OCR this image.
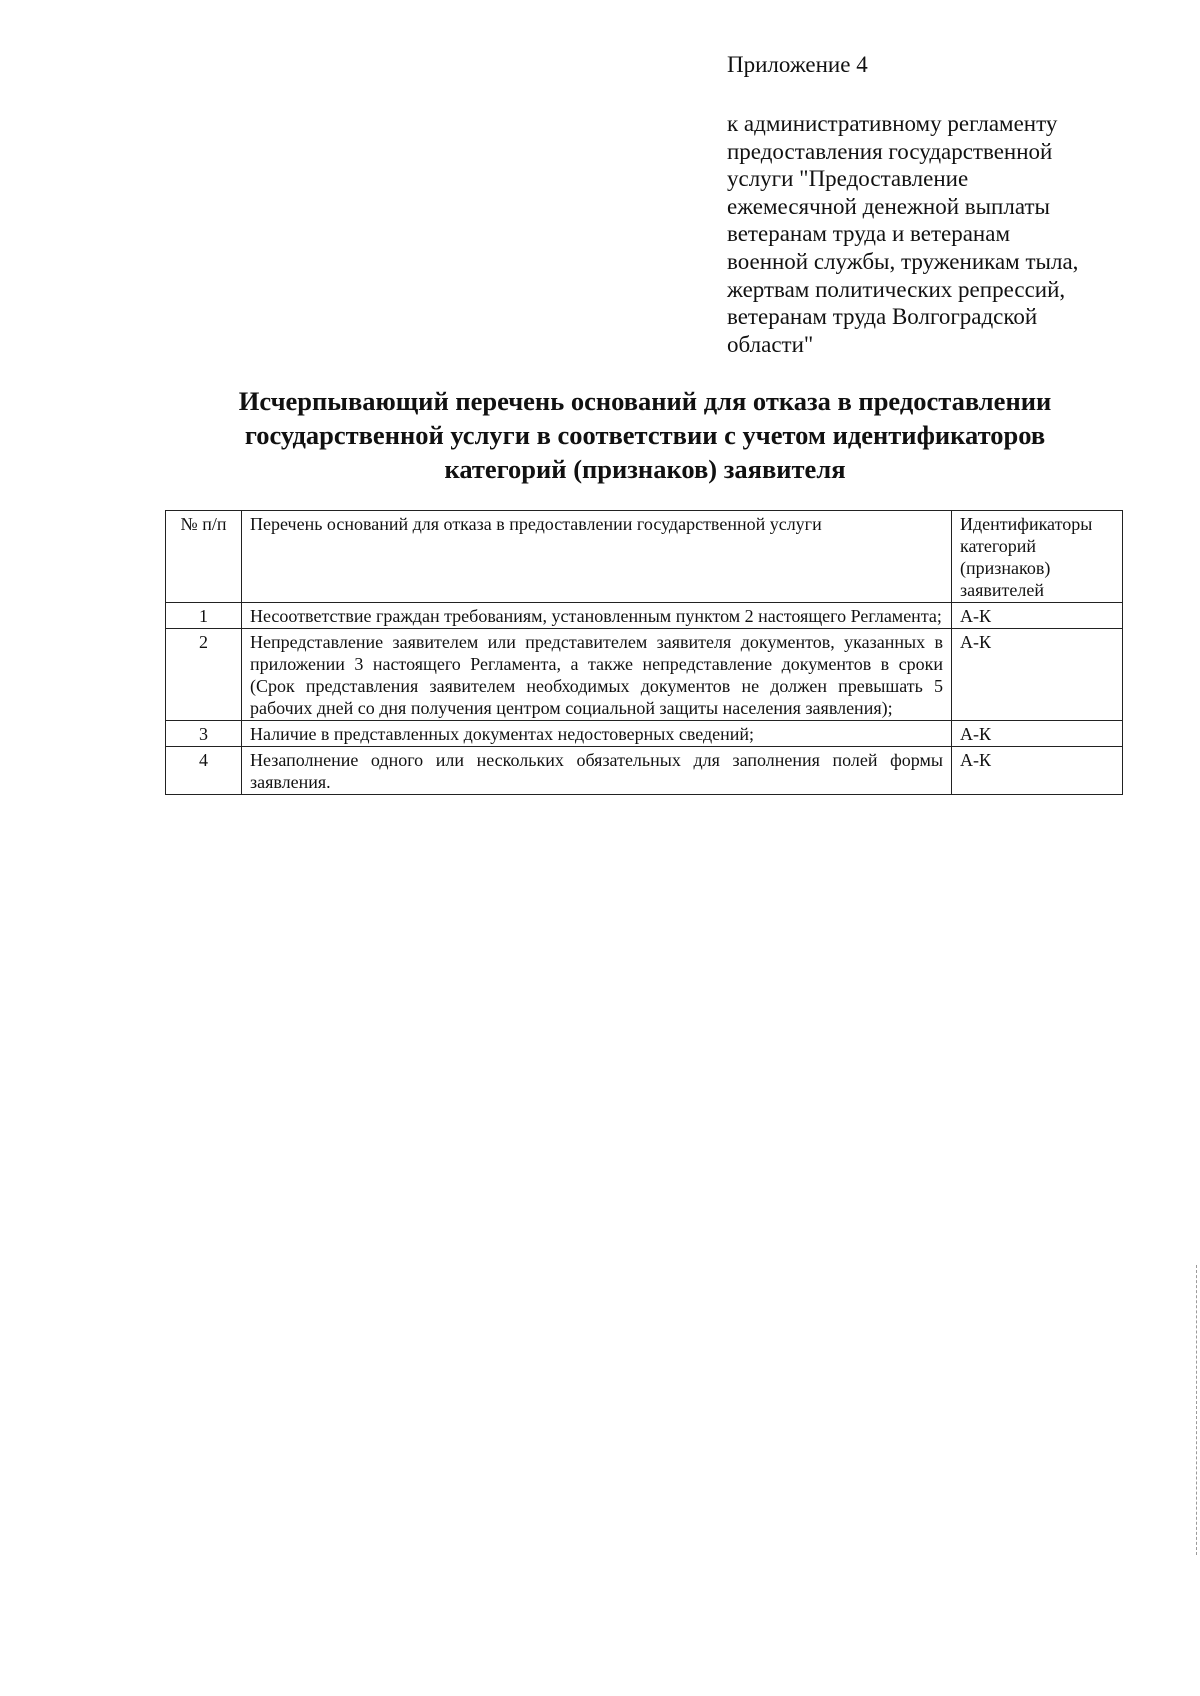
Приложение 4
к административному регламенту
предоставления государственной
услуги "Предоставление
ежемесячной денежной выплаты
ветеранам труда и ветеранам
военной службы, труженикам тыла,
жертвам политических репрессий,
ветеранам труда Волгоградской
области"
Исчерпывающий перечень оснований для отказа в предоставлении
государственной услуги в соответствии с учетом идентификаторов
категорий (признаков) заявителя
№ п/п	Перечень оснований для отказа в предоставлении государственной услуги	Идентификаторы категорий (признаков) заявителей
1	Несоответствие граждан требованиям, установленным пунктом 2 настоящего Регламента;	А-К
2	Непредставление заявителем или представителем заявителя документов, указанных в приложении 3 настоящего Регламента, а также непредставление документов в сроки (Срок представления заявителем необходимых документов не должен превышать 5 рабочих дней со дня получения центром социальной защиты населения заявления);	А-К
3	Наличие в представленных документах недостоверных сведений;	А-К
4	Незаполнение одного или нескольких обязательных для заполнения полей формы заявления.	А-К
